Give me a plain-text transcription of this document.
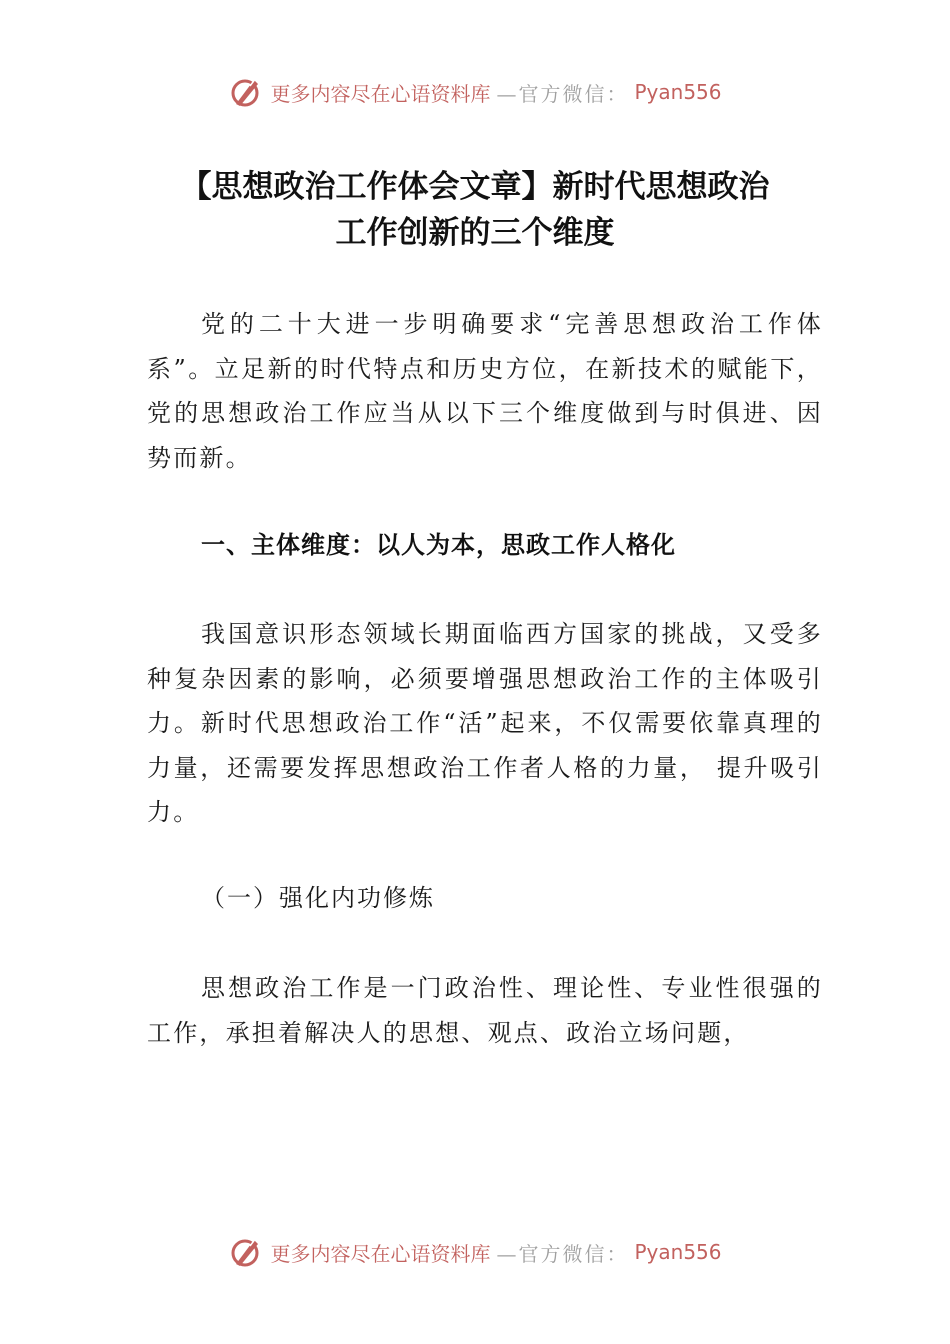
更多内容尽在心语资料库 —官方微信： Pyan556
【思想政治工作体会文章】新时代思想政治
工作创新的三个维度

党的二十大进一步明确要求“完善思想政治工作体系”。立足新的时代特点和历史方位，在新技术的赋能下，党的思想政治工作应当从以下三个维度做到与时俱进、因势而新。

一、主体维度：以人为本，思政工作人格化

我国意识形态领域长期面临西方国家的挑战，又受多种复杂因素的影响，必须要增强思想政治工作的主体吸引力。新时代思想政治工作“活”起来，不仅需要依靠真理的力量，还需要发挥思想政治工作者人格的力量， 提升吸引力。

（一）强化内功修炼

思想政治工作是一门政治性、理论性、专业性很强的工作，承担着解决人的思想、观点、政治立场问题，

更多内容尽在心语资料库 —官方微信： Pyan556
